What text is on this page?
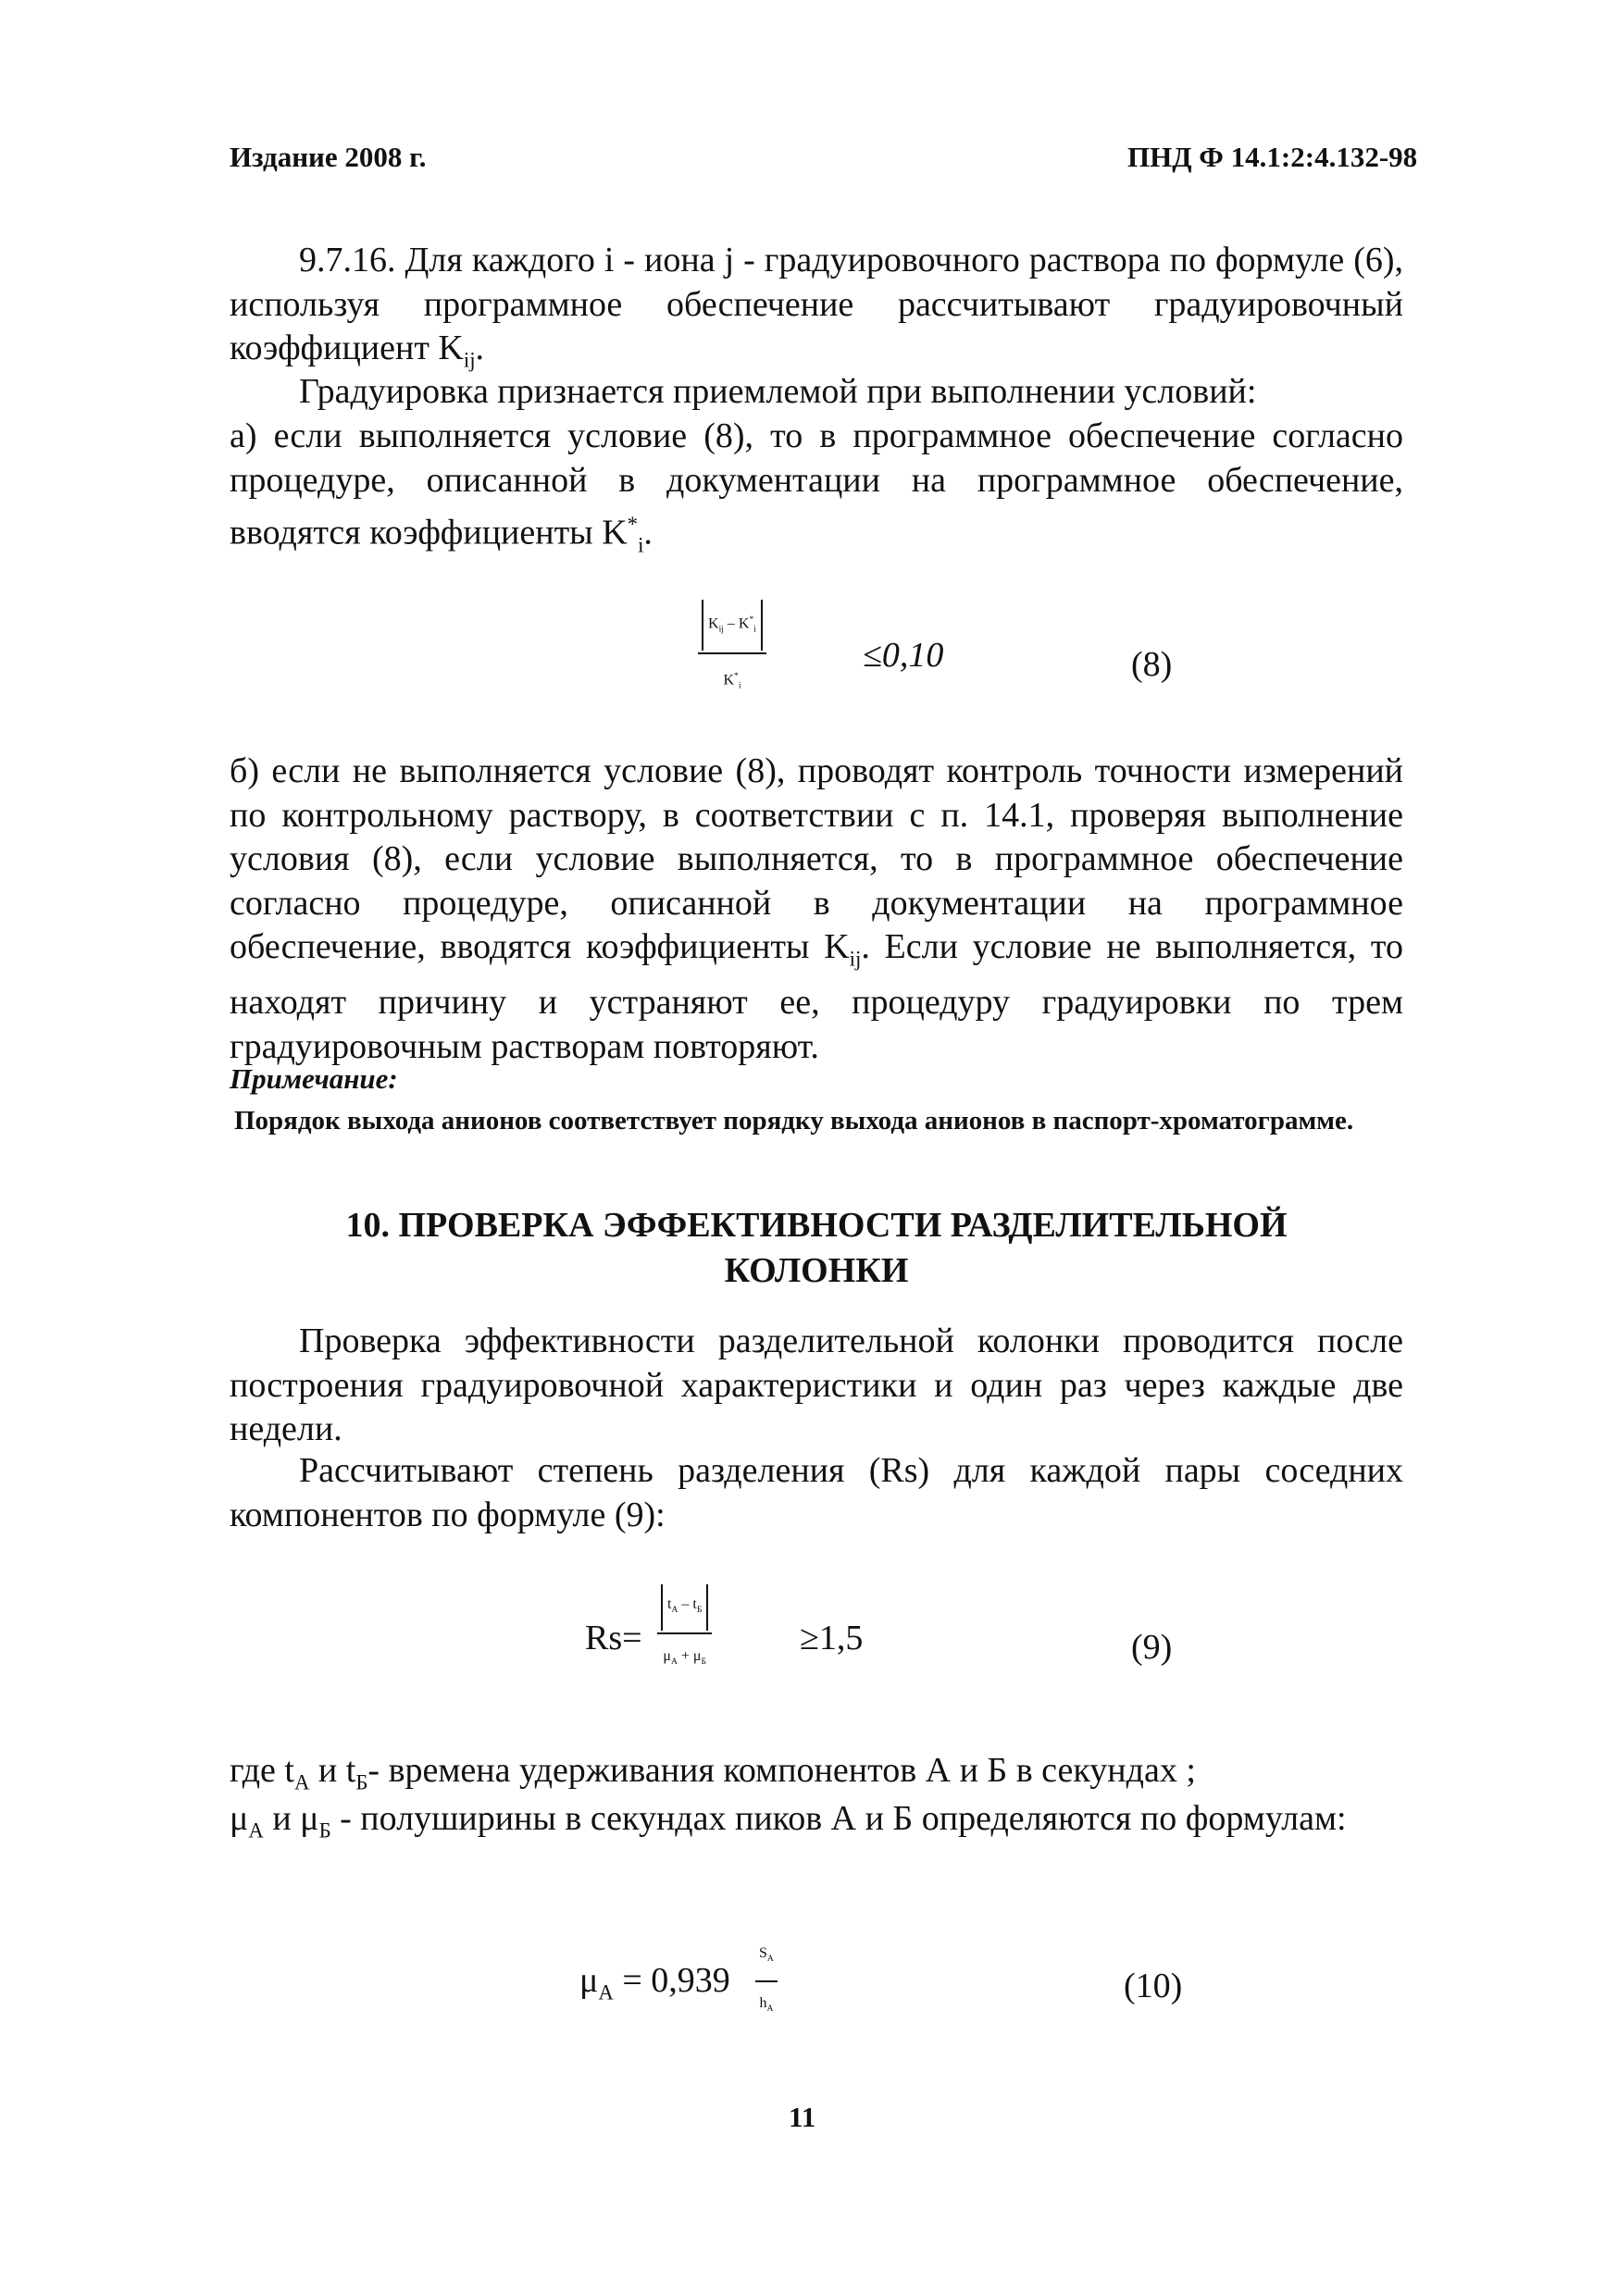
Издание 2008 г.	ПНД Ф 14.1:2:4.132-98
9.7.16. Для каждого i - иона j - градуировочного раствора по формуле (6), используя программное обеспечение рассчитывают градуировочный коэффициент $K_{ij}$.
Градуировка признается приемлемой при выполнении условий:
а) если выполняется условие (8), то в программное обеспечение согласно процедуре, описанной в документации на программное обеспечение, вводятся коэффициенты $K^*_i$.
$K_{ij} - K^*_i$
$K^*_i$
≤0,10	(8)
б) если не выполняется условие (8), проводят контроль точности измерений по контрольному раствору, в соответствии с п. 14.1, проверяя выполнение условия (8), если условие выполняется, то в программное обеспечение согласно процедуре, описанной в документации на программное обеспечение, вводятся коэффициенты $K_{ij}$. Если условие не выполняется, то находят причину и устраняют ее, процедуру градуировки по трем градуировочным растворам повторяют.
Примечание:
Порядок выхода анионов соответствует порядку выхода анионов в паспорт-хроматограмме.
10. ПРОВЕРКА ЭФФЕКТИВНОСТИ РАЗДЕЛИТЕЛЬНОЙ
КОЛОНКИ
Проверка эффективности разделительной колонки проводится после построения градуировочной характеристики и один раз через каждые две недели.
Рассчитывают степень разделения (Rs) для каждой пары соседних компонентов по формуле (9):
Rs=
$t_А - t_Б$
$\mu_А + \mu_Б$
≥1,5	(9)
где $t_А$ и $t_Б-$ времена удерживания компонентов А и Б в секундах ;
$\mu_А$ и $\mu_Б$ - полуширины в секундах пиков А и Б определяются по формулам:
$\mu_А = 0,939$
$S_А$
$h_А$
(10)
11
